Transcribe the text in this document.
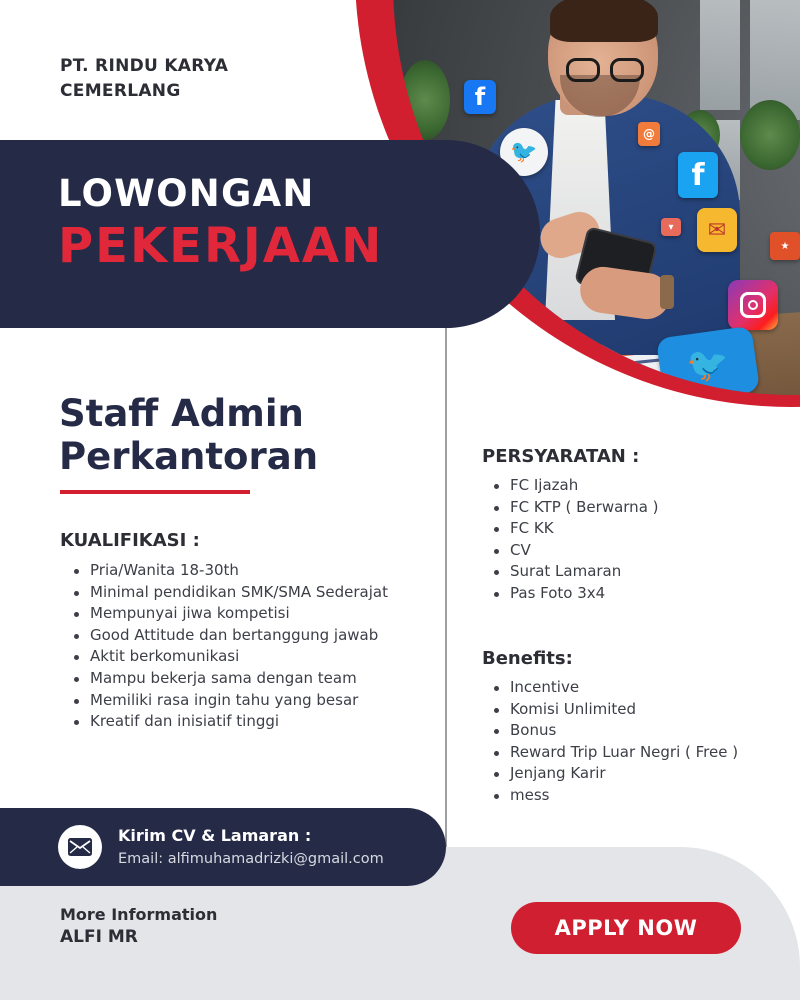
f
🐦
@
f
✉
▾
★
🐦
PT. RINDU KARYA
CEMERLANG
LOWONGAN
PEKERJAAN
Staff Admin
Perkantoran
KUALIFIKASI :
Pria/Wanita 18-30th
Minimal pendidikan SMK/SMA Sederajat
Mempunyai jiwa kompetisi
Good Attitude dan bertanggung jawab
Aktit berkomunikasi
Mampu bekerja sama dengan team
Memiliki rasa ingin tahu yang besar
Kreatif dan inisiatif tinggi
PERSYARATAN :
FC Ijazah
FC KTP ( Berwarna )
FC KK
CV
Surat Lamaran
Pas Foto 3x4
Benefits:
Incentive
Komisi Unlimited
Bonus
Reward Trip Luar Negri ( Free )
Jenjang Karir
mess
Kirim CV & Lamaran :
Email: alfimuhamadrizki@gmail.com
More Information
ALFI MR	APPLY NOW
